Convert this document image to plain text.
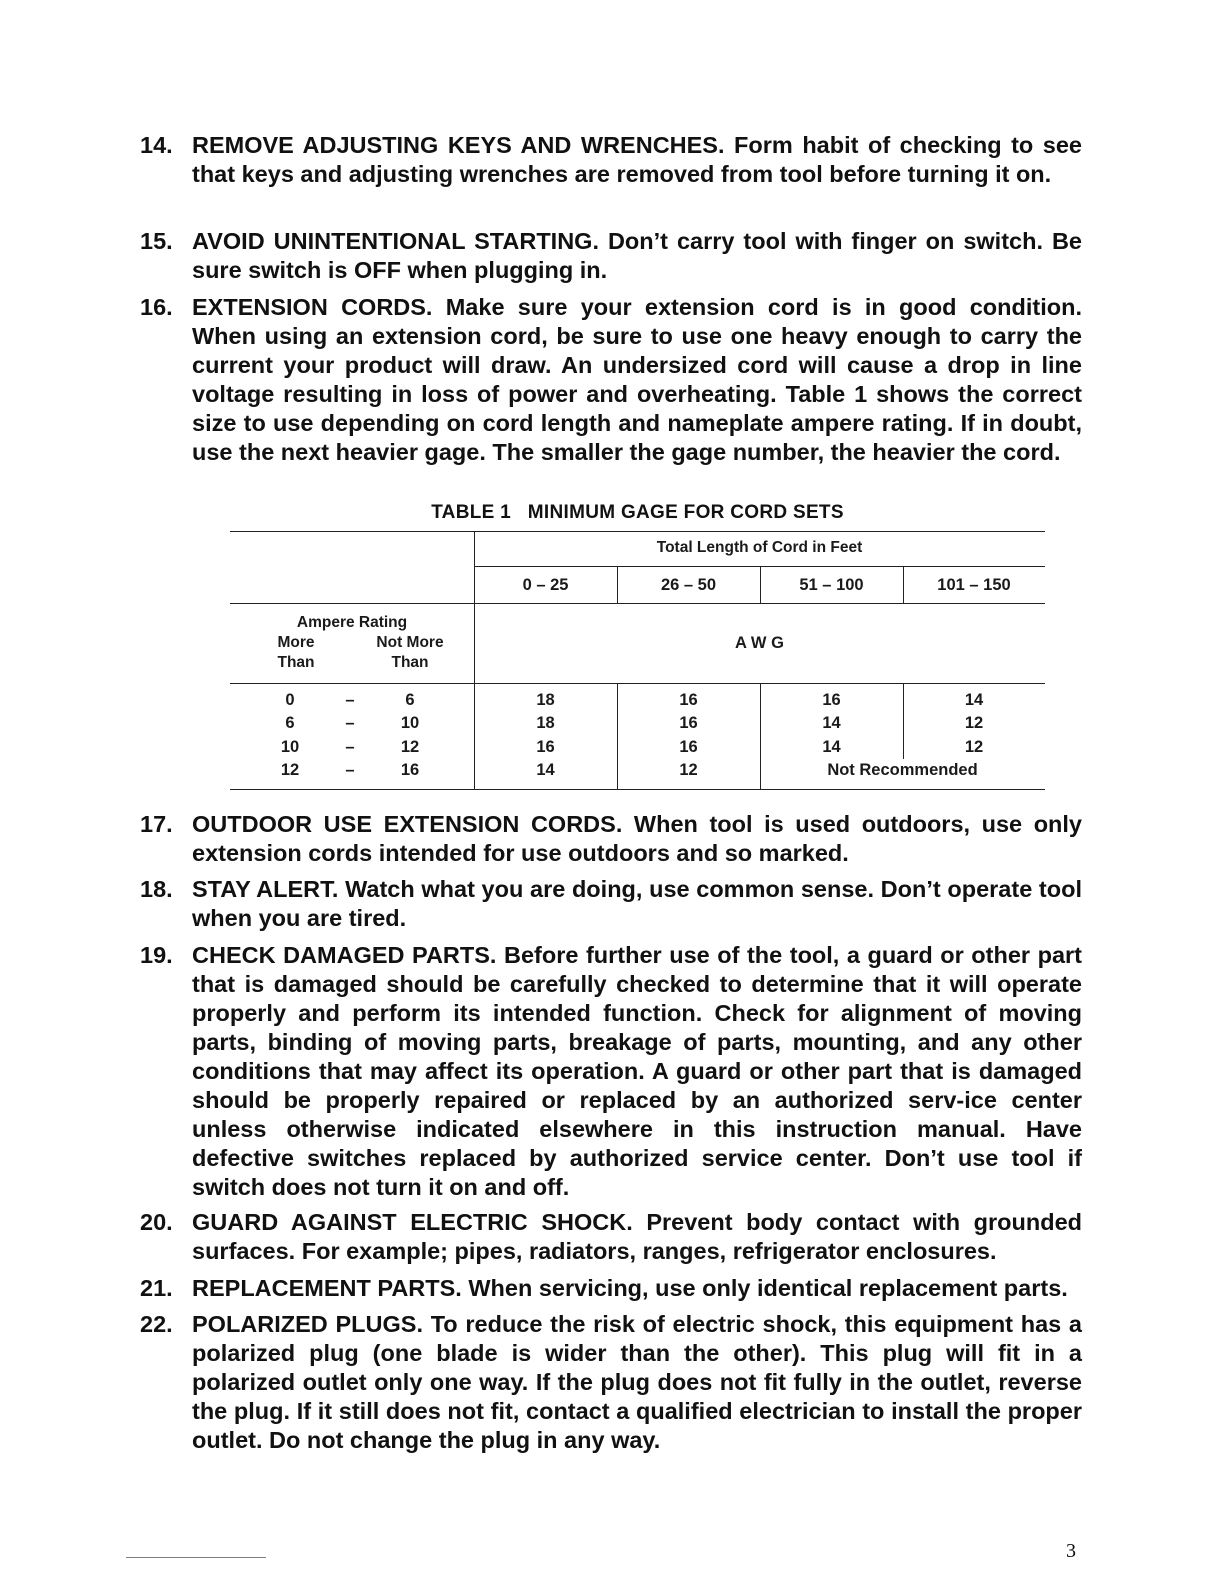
14. REMOVE ADJUSTING KEYS AND WRENCHES. Form habit of checking to see that keys and adjusting wrenches are removed from tool before turning it on.
15. AVOID UNINTENTIONAL STARTING. Don’t carry tool with finger on switch. Be sure switch is OFF when plugging in.
16. EXTENSION CORDS. Make sure your extension cord is in good condition. When using an extension cord, be sure to use one heavy enough to carry the current your product will draw. An undersized cord will cause a drop in line voltage resulting in loss of power and overheating. Table 1 shows the correct size to use depending on cord length and nameplate ampere rating. If in doubt, use the next heavier gage. The smaller the gage number, the heavier the cord.
TABLE 1   MINIMUM GAGE FOR CORD SETS
Total Length of Cord in Feet
0 – 25	26 – 50	51 – 100	101 – 150
Ampere Rating
More
Than
Not More
Than
A W G
0	–	6	18	16	16	14
6	–	10	18	16	14	12
10	–	12	16	16	14	12
12	–	16	14	12	Not Recommended
17. OUTDOOR USE EXTENSION CORDS. When tool is used outdoors, use only extension cords intended for use outdoors and so marked.
18. STAY ALERT. Watch what you are doing, use common sense. Don’t operate tool when you are tired.
19. CHECK DAMAGED PARTS. Before further use of the tool, a guard or other part that is damaged should be carefully checked to determine that it will operate properly and perform its intended function. Check for alignment of moving parts, binding of moving parts, breakage of parts, mounting, and any other conditions that may affect its operation. A guard or other part that is damaged should be properly repaired or replaced by an authorized serv-ice center unless otherwise indicated elsewhere in this instruction manual. Have defective switches replaced by authorized service center. Don’t use tool if switch does not turn it on and off.
20. GUARD AGAINST ELECTRIC SHOCK. Prevent body contact with grounded surfaces. For example; pipes, radiators, ranges, refrigerator enclosures.
21. REPLACEMENT PARTS. When servicing, use only identical replacement parts.
22. POLARIZED PLUGS. To reduce the risk of electric shock, this equipment has a polarized plug (one blade is wider than the other). This plug will fit in a polarized outlet only one way. If the plug does not fit fully in the outlet, reverse the plug. If it still does not fit, contact a qualified electrician to install the proper outlet. Do not change the plug in any way.
3
